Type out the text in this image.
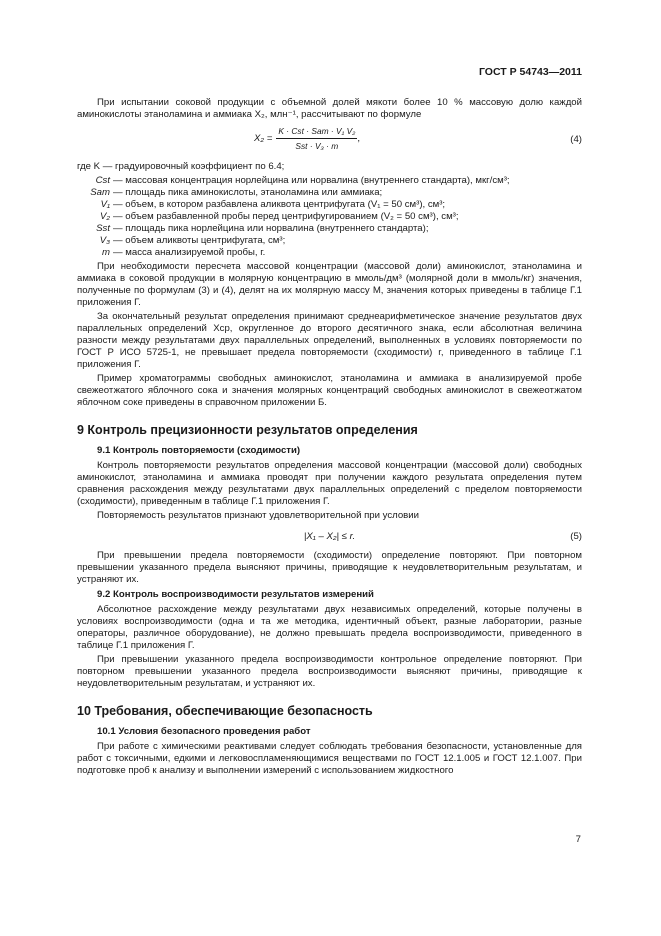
ГОСТ Р 54743—2011

При испытании соковой продукции с объемной долей мякоти более 10 % массовую долю каждой аминокислоты этаноламина и аммиака X₂, млн⁻¹, рассчитывают по формуле

$X_2 = \frac{\text{K · Cst · Sam · V₁ V₂}}{\text{Sst · V₃ · m}}$ ,	(4)

где K — градуировочный коэффициент по 6.4;

Cst — массовая концентрация норлейцина или норвалина (внутреннего стандарта), мкг/см³;
Sam — площадь пика аминокислоты, этаноламина или аммиака;
V₁ — объем, в котором разбавлена аликвота центрифугата (V₁ = 50 см³), см³;
V₂ — объем разбавленной пробы перед центрифугированием (V₂ = 50 см³), см³;
Sst — площадь пика норлейцина или норвалина (внутреннего стандарта);
V₃ — объем аликвоты центрифугата, см³;
m — масса анализируемой пробы, г.

При необходимости пересчета массовой концентрации (массовой доли) аминокислот, этаноламина и аммиака в соковой продукции в молярную концентрацию в ммоль/дм³ (молярной доли в ммоль/кг) значения, полученные по формулам (3) и (4), делят на их молярную массу М, значения которых приведены в таблице Г.1 приложения Г.

За окончательный результат определения принимают среднеарифметическое значение результатов двух параллельных определений Xср, округленное до второго десятичного знака, если абсолютная величина разности между результатами двух параллельных определений, выполненных в условиях повторяемости по ГОСТ Р ИСО 5725-1, не превышает предела повторяемости (сходимости) r, приведенного в таблице Г.1 приложения Г.

Пример хроматограммы свободных аминокислот, этаноламина и аммиака в анализируемой пробе свежеотжатого яблочного сока и значения молярных концентраций свободных аминокислот в свежеотжатом яблочном соке приведены в справочном приложении Б.

9 Контроль прецизионности результатов определения
9.1 Контроль повторяемости (сходимости)

Контроль повторяемости результатов определения массовой концентрации (массовой доли) свободных аминокислот, этаноламина и аммиака проводят при получении каждого результата определения путем сравнения расхождения между результатами двух параллельных определений с пределом повторяемости (сходимости), приведенным в таблице Г.1 приложения Г.

Повторяемость результатов признают удовлетворительной при условии

|X₁ – X₂| ≤ r.	(5)

При превышении предела повторяемости (сходимости) определение повторяют. При повторном превышении указанного предела выясняют причины, приводящие к неудовлетворительным результатам, и устраняют их.

9.2 Контроль воспроизводимости результатов измерений

Абсолютное расхождение между результатами двух независимых определений, которые получены в условиях воспроизводимости (одна и та же методика, идентичный объект, разные лаборатории, разные операторы, различное оборудование), не должно превышать предела воспроизводимости, приведенного в таблице Г.1 приложения Г.

При превышении указанного предела воспроизводимости контрольное определение повторяют. При повторном превышении указанного предела воспроизводимости выясняют причины, приводящие к неудовлетворительным результатам, и устраняют их.

10 Требования, обеспечивающие безопасность
10.1 Условия безопасного проведения работ

При работе с химическими реактивами следует соблюдать требования безопасности, установленные для работ с токсичными, едкими и легковоспламеняющимися веществами по ГОСТ 12.1.005 и ГОСТ 12.1.007. При подготовке проб к анализу и выполнении измерений с использованием жидкостного

7
